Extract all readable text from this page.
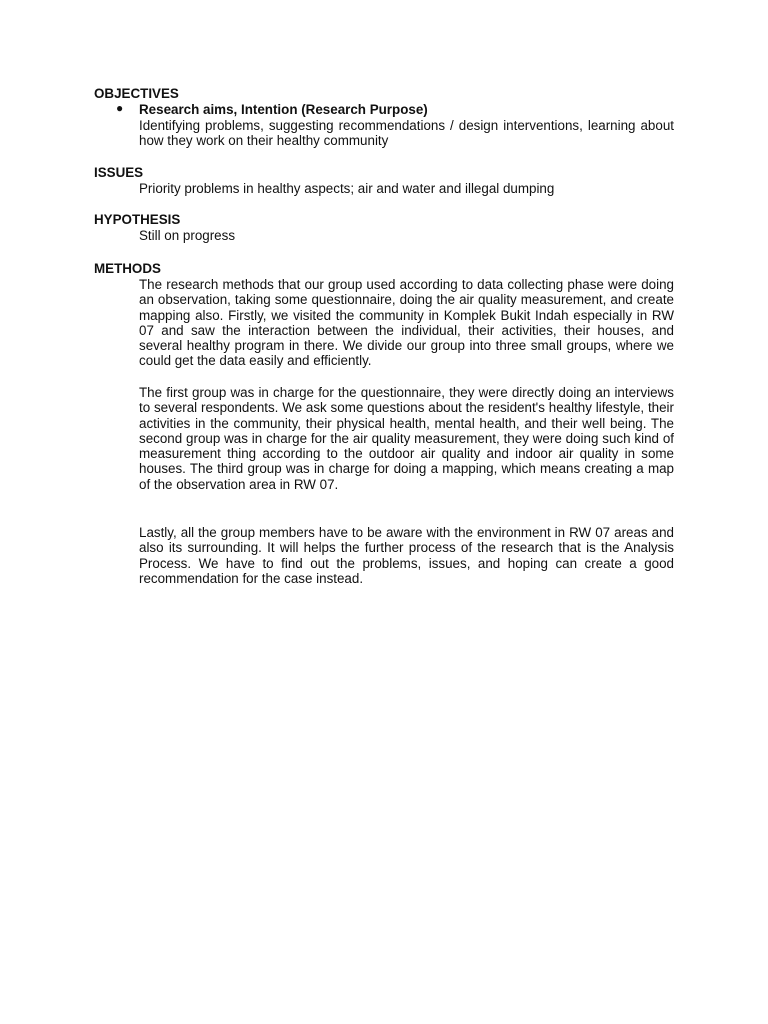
OBJECTIVES
● Research aims, Intention (Research Purpose)

Identifying problems, suggesting recommendations / design interventions, learning about how they work on their healthy community

ISSUES
Priority problems in healthy aspects; air and water and illegal dumping
HYPOTHESIS
Still on progress
METHODS

The research methods that our group used according to data collecting phase were doing an observation, taking some questionnaire, doing the air quality measurement, and create mapping also. Firstly, we visited the community in Komplek Bukit Indah especially in RW 07 and saw the interaction between the individual, their activities, their houses, and several healthy program in there. We divide our group into three small groups, where we could get the data easily and efficiently.

The first group was in charge for the questionnaire, they were directly doing an interviews to several respondents. We ask some questions about the resident's healthy lifestyle, their activities in the community, their physical health, mental health, and their well being. The second group was in charge for the air quality measurement, they were doing such kind of measurement thing according to the outdoor air quality and indoor air quality in some houses. The third group was in charge for doing a mapping, which means creating a map of the observation area in RW 07.

Lastly, all the group members have to be aware with the environment in RW 07 areas and also its surrounding. It will helps the further process of the research that is the Analysis Process. We have to find out the problems, issues, and hoping can create a good recommendation for the case instead.
